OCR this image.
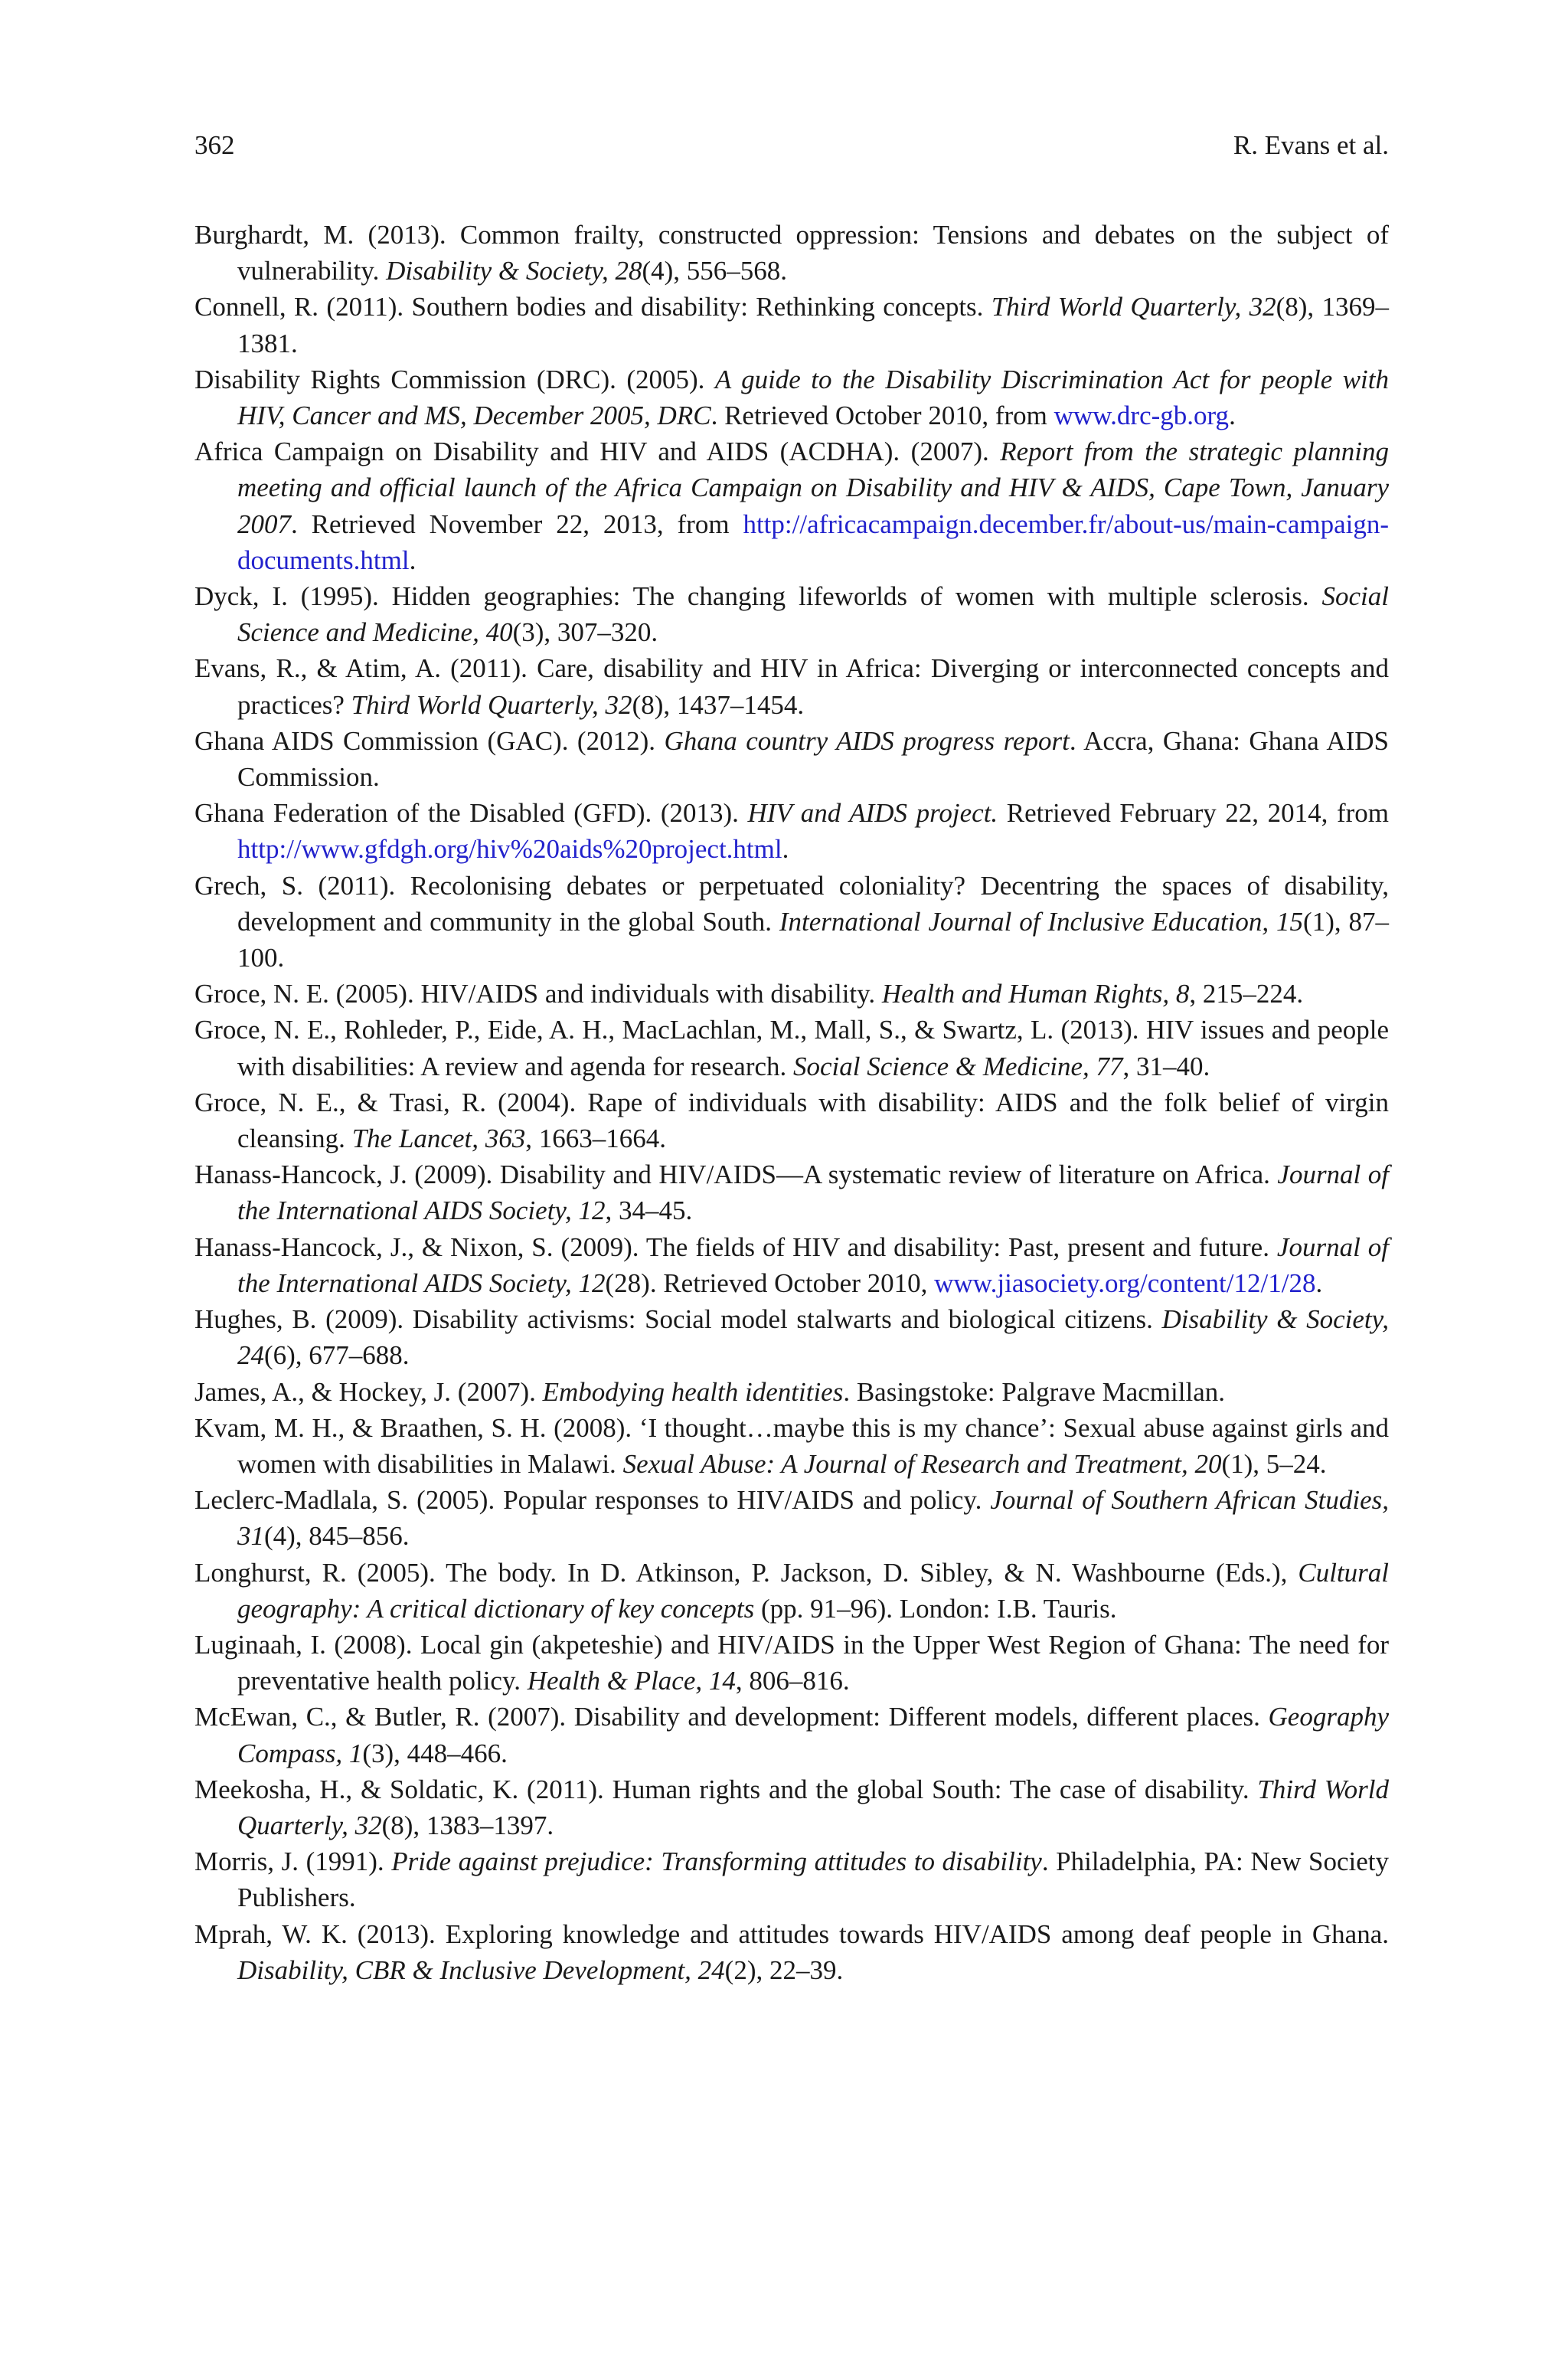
362	R. Evans et al.
Burghardt, M. (2013). Common frailty, constructed oppression: Tensions and debates on the subject of vulnerability. Disability & Society, 28(4), 556–568.
Connell, R. (2011). Southern bodies and disability: Rethinking concepts. Third World Quarterly, 32(8), 1369–1381.
Disability Rights Commission (DRC). (2005). A guide to the Disability Discrimination Act for people with HIV, Cancer and MS, December 2005, DRC. Retrieved October 2010, from www.drc-gb.org.
Africa Campaign on Disability and HIV and AIDS (ACDHA). (2007). Report from the strategic planning meeting and official launch of the Africa Campaign on Disability and HIV & AIDS, Cape Town, January 2007. Retrieved November 22, 2013, from http://africacampaign.december.fr/about-us/main-campaign-documents.html.
Dyck, I. (1995). Hidden geographies: The changing lifeworlds of women with multiple sclerosis. Social Science and Medicine, 40(3), 307–320.
Evans, R., & Atim, A. (2011). Care, disability and HIV in Africa: Diverging or interconnected concepts and practices? Third World Quarterly, 32(8), 1437–1454.
Ghana AIDS Commission (GAC). (2012). Ghana country AIDS progress report. Accra, Ghana: Ghana AIDS Commission.
Ghana Federation of the Disabled (GFD). (2013). HIV and AIDS project. Retrieved February 22, 2014, from http://www.gfdgh.org/hiv%20aids%20project.html.
Grech, S. (2011). Recolonising debates or perpetuated coloniality? Decentring the spaces of disability, development and community in the global South. International Journal of Inclusive Education, 15(1), 87–100.
Groce, N. E. (2005). HIV/AIDS and individuals with disability. Health and Human Rights, 8, 215–224.
Groce, N. E., Rohleder, P., Eide, A. H., MacLachlan, M., Mall, S., & Swartz, L. (2013). HIV issues and people with disabilities: A review and agenda for research. Social Science & Medicine, 77, 31–40.
Groce, N. E., & Trasi, R. (2004). Rape of individuals with disability: AIDS and the folk belief of virgin cleansing. The Lancet, 363, 1663–1664.
Hanass-Hancock, J. (2009). Disability and HIV/AIDS—A systematic review of literature on Africa. Journal of the International AIDS Society, 12, 34–45.
Hanass-Hancock, J., & Nixon, S. (2009). The fields of HIV and disability: Past, present and future. Journal of the International AIDS Society, 12(28). Retrieved October 2010, www.jiasociety.org/content/12/1/28.
Hughes, B. (2009). Disability activisms: Social model stalwarts and biological citizens. Disability & Society, 24(6), 677–688.
James, A., & Hockey, J. (2007). Embodying health identities. Basingstoke: Palgrave Macmillan.
Kvam, M. H., & Braathen, S. H. (2008). ‘I thought…maybe this is my chance’: Sexual abuse against girls and women with disabilities in Malawi. Sexual Abuse: A Journal of Research and Treatment, 20(1), 5–24.
Leclerc-Madlala, S. (2005). Popular responses to HIV/AIDS and policy. Journal of Southern African Studies, 31(4), 845–856.
Longhurst, R. (2005). The body. In D. Atkinson, P. Jackson, D. Sibley, & N. Washbourne (Eds.), Cultural geography: A critical dictionary of key concepts (pp. 91–96). London: I.B. Tauris.
Luginaah, I. (2008). Local gin (akpeteshie) and HIV/AIDS in the Upper West Region of Ghana: The need for preventative health policy. Health & Place, 14, 806–816.
McEwan, C., & Butler, R. (2007). Disability and development: Different models, different places. Geography Compass, 1(3), 448–466.
Meekosha, H., & Soldatic, K. (2011). Human rights and the global South: The case of disability. Third World Quarterly, 32(8), 1383–1397.
Morris, J. (1991). Pride against prejudice: Transforming attitudes to disability. Philadelphia, PA: New Society Publishers.
Mprah, W. K. (2013). Exploring knowledge and attitudes towards HIV/AIDS among deaf people in Ghana. Disability, CBR & Inclusive Development, 24(2), 22–39.
